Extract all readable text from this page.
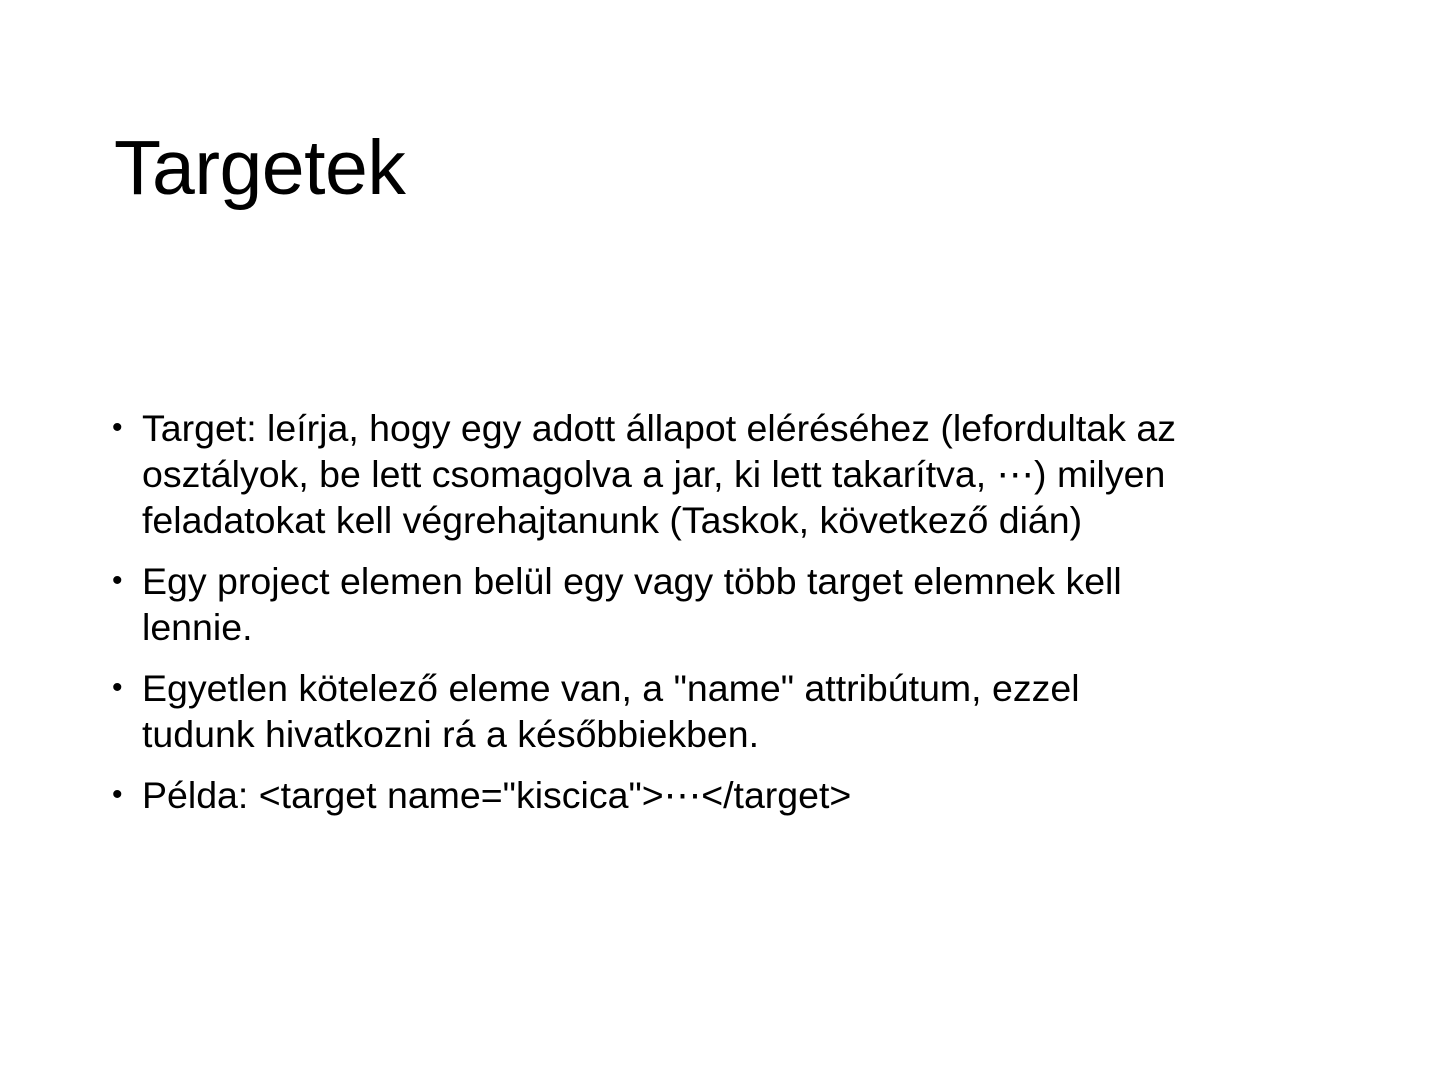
Targetek
• Target: leírja, hogy egy adott állapot eléréséhez (lefordultak az
osztályok, be lett csomagolva a jar, ki lett takarítva, ⋯) milyen
feladatokat kell végrehajtanunk (Taskok, következő dián)
• Egy project elemen belül egy vagy több target elemnek kell
lennie.
• Egyetlen kötelező eleme van, a "name" attribútum, ezzel
tudunk hivatkozni rá a későbbiekben.
• Példa: <target name="kiscica">⋯</target>
